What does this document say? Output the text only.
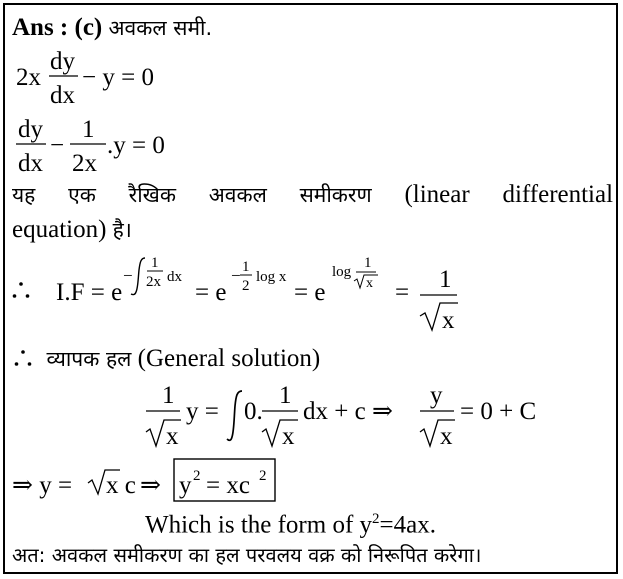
Ans : (c) अवकल समी.
2x
dy
dx
− y = 0
dy
dx
−
1
2x
.y = 0
यह एक रैखिक अवकल समीकरण (linear differential
equation) है।
I.F = e
−
1
2x dx
= e
− 1
2
log x
= e
log
1
x = 1
x
व्यापक हल (General solution)
1
x
y = 0.
1
x
dx + c ⇒
y
x
= 0 + C
⇒ y = x c ⇒ y 2 = xc 2
Which is the form of $y^2=4ax$.
अत: अवकल समीकरण का हल परवलय वक्र को निरूपित करेगा।
